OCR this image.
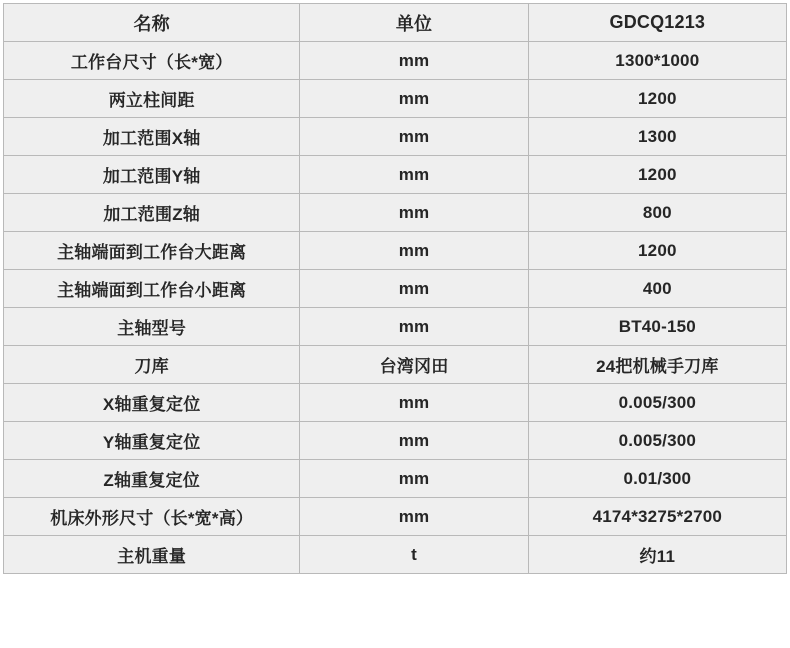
名称	单位	GDCQ1213
工作台尺寸（长*宽）	mm	1300*1000
两立柱间距	mm	1200
加工范围X轴	mm	1300
加工范围Y轴	mm	1200
加工范围Z轴	mm	800
主轴端面到工作台大距离	mm	1200
主轴端面到工作台小距离	mm	400
主轴型号	mm	BT40-150
刀库	台湾冈田	24把机械手刀库
X轴重复定位	mm	0.005/300
Y轴重复定位	mm	0.005/300
Z轴重复定位	mm	0.01/300
机床外形尺寸（长*宽*高）	mm	4174*3275*2700
主机重量	t	约11
